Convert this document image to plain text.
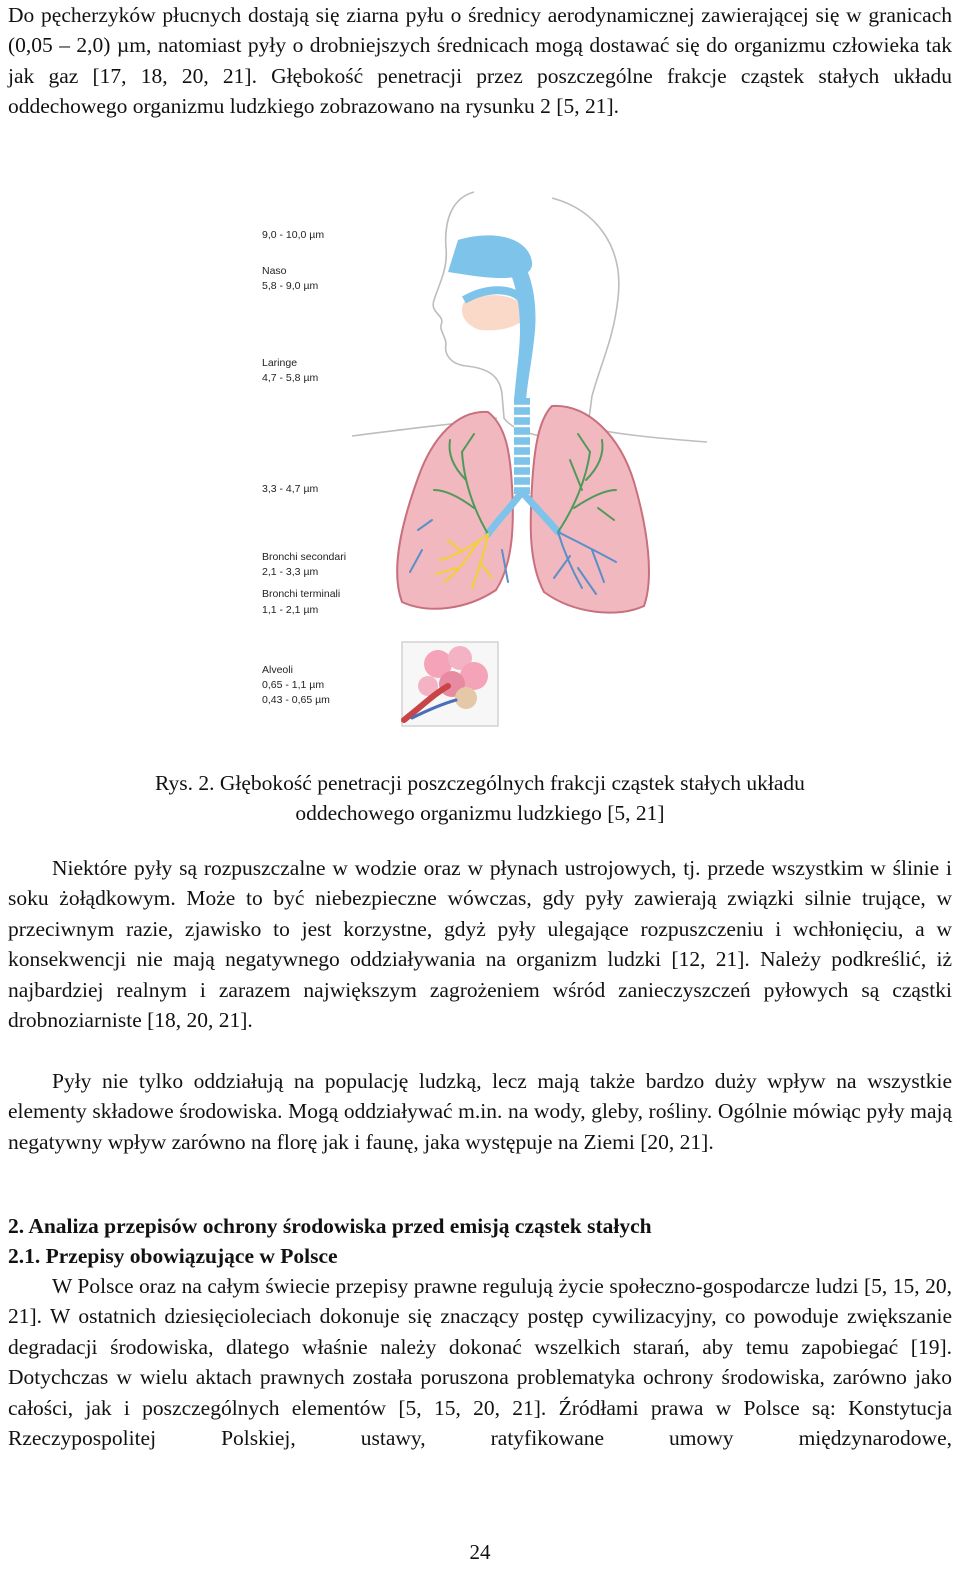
Do pęcherzyków płucnych dostają się ziarna pyłu o średnicy aerodynamicznej zawierającej się w granicach (0,05 – 2,0) µm, natomiast pyły o drobniejszych średnicach mogą dostawać się do organizmu człowieka tak jak gaz [17, 18, 20, 21]. Głębokość penetracji przez poszczególne frakcje cząstek stałych układu oddechowego organizmu ludzkiego zobrazowano na rysunku 2 [5, 21].

9,0 - 10,0 µm
Naso
5,8 - 9,0 µm
Laringe
4,7 - 5,8 µm
3,3 - 4,7 µm
Bronchi secondari
2,1 - 3,3 µm
Bronchi terminali
1,1 - 2,1 µm
Alveoli
0,65 - 1,1 µm
0,43 - 0,65 µm
Rys. 2. Głębokość penetracji poszczególnych frakcji cząstek stałych układu
oddechowego organizmu ludzkiego [5, 21]

Niektóre pyły są rozpuszczalne w wodzie oraz w płynach ustrojowych, tj. przede wszystkim w ślinie i soku żołądkowym. Może to być niebezpieczne wówczas, gdy pyły zawierają związki silnie trujące, w przeciwnym razie, zjawisko to jest korzystne, gdyż pyły ulegające rozpuszczeniu i wchłonięciu, a w konsekwencji nie mają negatywnego oddziaływania na organizm ludzki [12, 21]. Należy podkreślić, iż najbardziej realnym i zarazem największym zagrożeniem wśród zanieczyszczeń pyłowych są cząstki drobnoziarniste [18, 20, 21].

Pyły nie tylko oddziałują na populację ludzką, lecz mają także bardzo duży wpływ na wszystkie elementy składowe środowiska. Mogą oddziaływać m.in. na wody, gleby, rośliny. Ogólnie mówiąc pyły mają negatywny wpływ zarówno na florę jak i faunę, jaka występuje na Ziemi [20, 21].

2. Analiza przepisów ochrony środowiska przed emisją cząstek stałych
2.1. Przepisy obowiązujące w Polsce

W Polsce oraz na całym świecie przepisy prawne regulują życie społeczno-gospodarcze ludzi [5, 15, 20, 21]. W ostatnich dziesięcioleciach dokonuje się znaczący postęp cywilizacyjny, co powoduje zwiększanie degradacji środowiska, dlatego właśnie należy dokonać wszelkich starań, aby temu zapobiegać [19]. Dotychczas w wielu aktach prawnych została poruszona problematyka ochrony środowiska, zarówno jako całości, jak i poszczególnych elementów [5, 15, 20, 21]. Źródłami prawa w Polsce są: Konstytucja Rzeczypospolitej Polskiej, ustawy, ratyfikowane umowy międzynarodowe,

24
